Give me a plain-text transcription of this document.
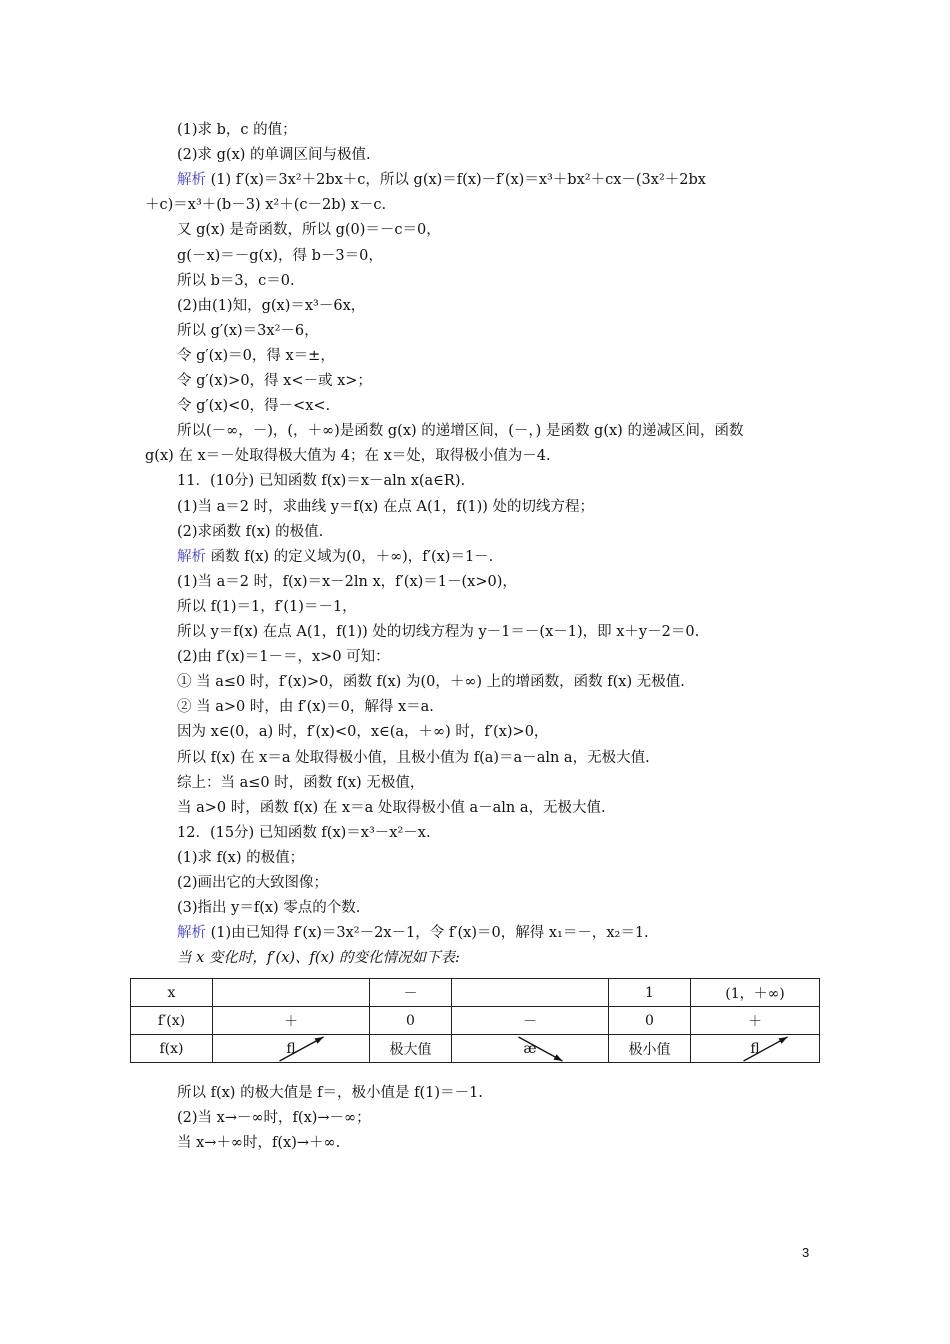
(1)求 b，c 的值；
(2)求 g(x) 的单调区间与极值.
解析 (1) f′(x)＝3x²＋2bx＋c，所以 g(x)＝f(x)－f′(x)＝x³＋bx²＋cx－(3x²＋2bx
＋c)＝x³＋(b－3) x²＋(c－2b) x－c.
又 g(x) 是奇函数，所以 g(0)＝－c＝0，
g(－x)＝－g(x)，得 b－3＝0，
所以 b＝3，c＝0.
(2)由(1)知，g(x)＝x³－6x，
所以 g′(x)＝3x²－6，
令 g′(x)＝0，得 x＝±，
令 g′(x)>0，得 x<－或 x>；
令 g′(x)<0，得－<x<.
所以(－∞，－)，(，＋∞)是函数 g(x) 的递增区间，(－，) 是函数 g(x) 的递减区间，函数
g(x) 在 x＝－处取得极大值为 4；在 x＝处，取得极小值为－4.
11．(10分) 已知函数 f(x)＝x－aln x(a∈R).
(1)当 a＝2 时，求曲线 y＝f(x) 在点 A(1，f(1)) 处的切线方程；
(2)求函数 f(x) 的极值.
解析 函数 f(x) 的定义域为(0，＋∞)，f′(x)＝1－.
(1)当 a＝2 时，f(x)＝x－2ln x，f′(x)＝1－(x>0)，
所以 f(1)＝1，f′(1)＝－1，
所以 y＝f(x) 在点 A(1，f(1)) 处的切线方程为 y－1＝－(x－1)，即 x＋y－2＝0.
(2)由 f′(x)＝1－＝，x>0 可知：
① 当 a≤0 时，f′(x)>0，函数 f(x) 为(0，＋∞) 上的增函数，函数 f(x) 无极值.
② 当 a>0 时，由 f′(x)＝0，解得 x＝a.
因为 x∈(0，a) 时，f′(x)<0，x∈(a，＋∞) 时，f′(x)>0，
所以 f(x) 在 x＝a 处取得极小值，且极小值为 f(a)＝a－aln a，无极大值.
综上：当 a≤0 时，函数 f(x) 无极值，
当 a>0 时，函数 f(x) 在 x＝a 处取得极小值 a－aln a，无极大值.
12．(15分) 已知函数 f(x)＝x³－x²－x.
(1)求 f(x) 的极值；
(2)画出它的大致图像；
(3)指出 y＝f(x) 零点的个数.
解析 (1)由已知得 f′(x)＝3x²－2x－1，令 f′(x)＝0，解得 x₁＝－，x₂＝1.
当 x 变化时，f′(x)、f(x) 的变化情况如下表:
所以 f(x) 的极大值是 f＝，极小值是 f(1)＝－1.
(2)当 x→－∞时，f(x)→－∞；
当 x→＋∞时，f(x)→＋∞.
x		－		1	(1，＋∞)
f′(x)	＋	0	－	0	＋
f(x)	fl	极大值	æ	极小值	fl
3
